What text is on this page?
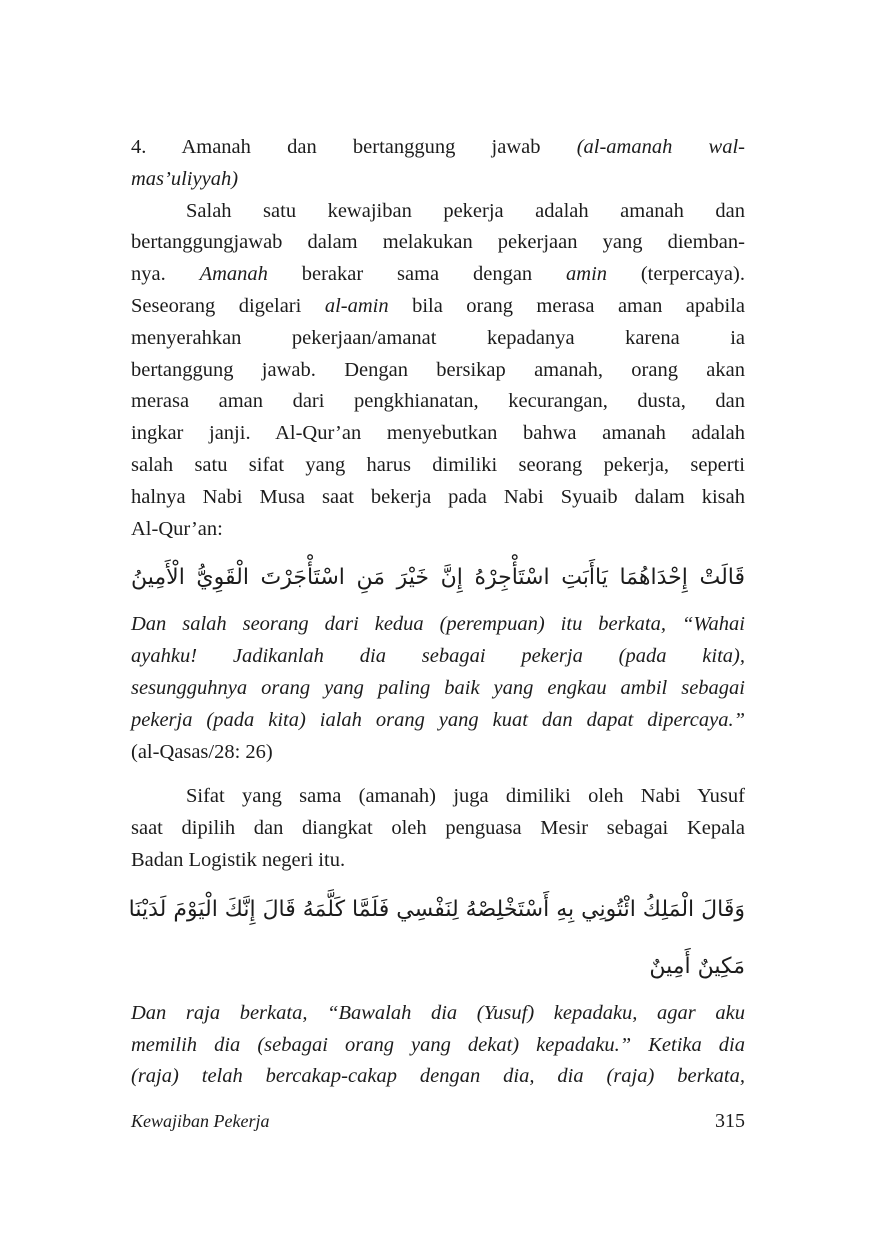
4. Amanah dan bertanggung jawab (al-amanah wal-
mas’uliyyah)
Salah satu kewajiban pekerja adalah amanah dan
bertanggungjawab dalam melakukan pekerjaan yang diemban-
nya. Amanah berakar sama dengan amin (terpercaya).
Seseorang digelari al-amin bila orang merasa aman apabila
menyerahkan pekerjaan/amanat kepadanya karena ia
bertanggung jawab. Dengan bersikap amanah, orang akan
merasa aman dari pengkhianatan, kecurangan, dusta, dan
ingkar janji. Al-Qur’an menyebutkan bahwa amanah adalah
salah satu sifat yang harus dimiliki seorang pekerja, seperti
halnya Nabi Musa saat bekerja pada Nabi Syuaib dalam kisah
Al-Qur’an:
قَالَتْ إِحْدَاهُمَا يَاأَبَتِ اسْتَأْجِرْهُ إِنَّ خَيْرَ مَنِ اسْتَأْجَرْتَ الْقَوِيُّ الْأَمِينُ
Dan salah seorang dari kedua (perempuan) itu berkata, “Wahai
ayahku! Jadikanlah dia sebagai pekerja (pada kita),
sesungguhnya orang yang paling baik yang engkau ambil sebagai
pekerja (pada kita) ialah orang yang kuat dan dapat dipercaya.”
(al-Qasas/28: 26)
Sifat yang sama (amanah) juga dimiliki oleh Nabi Yusuf
saat dipilih dan diangkat oleh penguasa Mesir sebagai Kepala
Badan Logistik negeri itu.
وَقَالَ الْمَلِكُ ائْتُونِي بِهِ أَسْتَخْلِصْهُ لِنَفْسِي فَلَمَّا كَلَّمَهُ قَالَ إِنَّكَ الْيَوْمَ لَدَيْنَا
مَكِينٌ أَمِينٌ
Dan raja berkata, “Bawalah dia (Yusuf) kepadaku, agar aku
memilih dia (sebagai orang yang dekat) kepadaku.” Ketika dia
(raja) telah bercakap-cakap dengan dia, dia (raja) berkata,
Kewajiban Pekerja	315
